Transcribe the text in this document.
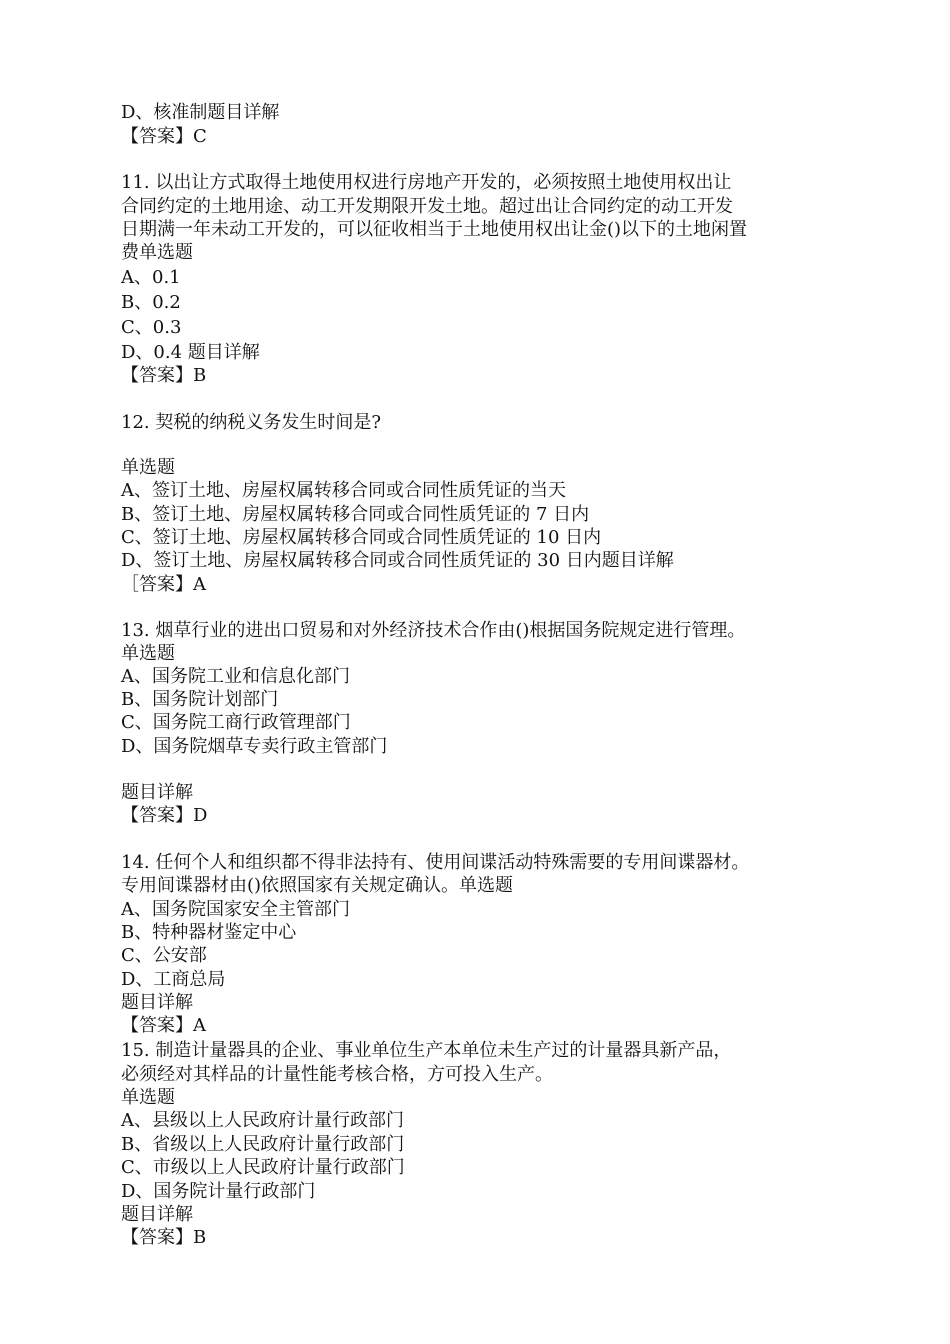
D、核准制题目详解
【答案】C
11. 以出让方式取得土地使用权进行房地产开发的，必须按照土地使用权出让
合同约定的土地用途、动工开发期限开发土地。超过出让合同约定的动工开发
日期满一年未动工开发的，可以征收相当于土地使用权出让金()以下的土地闲置
费单选题
A、0.1
B、0.2
C、0.3
D、0.4 题目详解
【答案】B
12. 契税的纳税义务发生时间是?
单选题
A、签订土地、房屋权属转移合同或合同性质凭证的当天
B、签订土地、房屋权属转移合同或合同性质凭证的 7 日内
C、签订土地、房屋权属转移合同或合同性质凭证的 10 日内
D、签订土地、房屋权属转移合同或合同性质凭证的 30 日内题目详解
［答案】A
13. 烟草行业的进出口贸易和对外经济技术合作由()根据国务院规定进行管理。
单选题
A、国务院工业和信息化部门
B、国务院计划部门
C、国务院工商行政管理部门
D、国务院烟草专卖行政主管部门
题目详解
【答案】D
14. 任何个人和组织都不得非法持有、使用间谍活动特殊需要的专用间谍器材。
专用间谍器材由()依照国家有关规定确认。单选题
A、国务院国家安全主管部门
B、特种器材鉴定中心
C、公安部
D、工商总局
题目详解
【答案】A
15. 制造计量器具的企业、事业单位生产本单位未生产过的计量器具新产品，
必须经对其样品的计量性能考核合格，方可投入生产。
单选题
A、县级以上人民政府计量行政部门
B、省级以上人民政府计量行政部门
C、市级以上人民政府计量行政部门
D、国务院计量行政部门
题目详解
【答案】B
